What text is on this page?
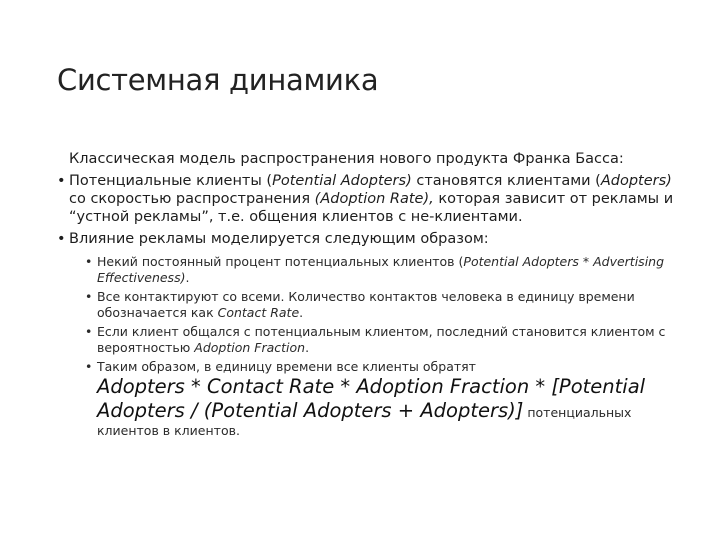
Системная динамика
Классическая модель распространения нового продукта Франка Басса:
• Потенциальные клиенты (Potential Adopters) становятся клиентами (Adopters) со скоростью распространения (Adoption Rate), которая зависит от рекламы и “устной рекламы”, т.е. общения клиентов с не-клиентами.
• Влияние рекламы моделируется следующим образом:
• Некий постоянный процент потенциальных клиентов (Potential Adopters * Advertising Effectiveness).
• Все контактируют со всеми. Количество контактов человека в единицу времени обозначается как Contact Rate.
• Если клиент общался с потенциальным клиентом, последний становится клиентом с вероятностью Adoption Fraction.
• Таким образом, в единицу времени все клиенты обратят
Adopters * Contact Rate * Adoption Fraction * [Potential Adopters / (Potential Adopters + Adopters)] потенциальных клиентов в клиентов.
